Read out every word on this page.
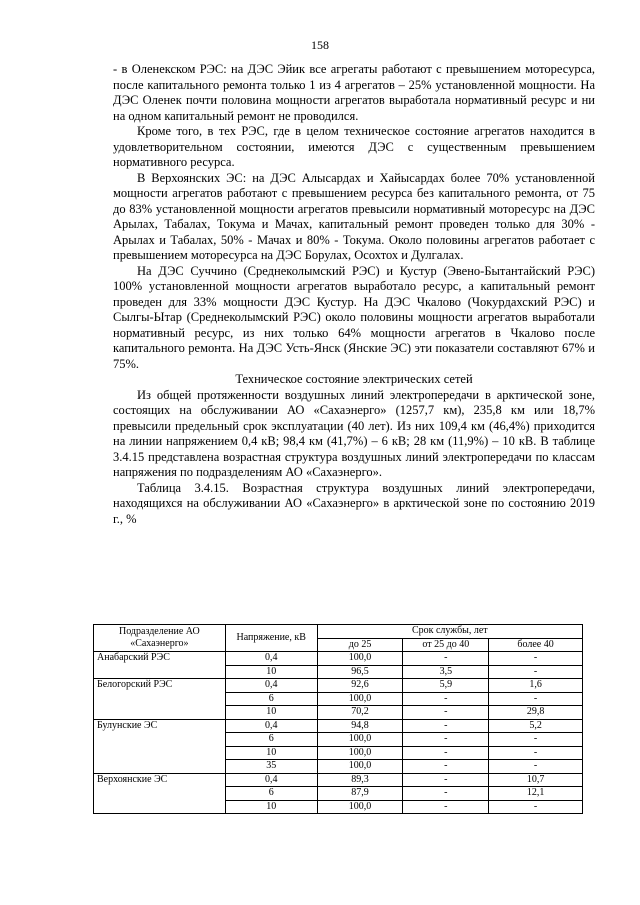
158

- в Оленекском РЭС: на ДЭС Эйик все агрегаты работают с превышением моторесурса, после капитального ремонта только 1 из 4 агрегатов – 25% установленной мощности. На ДЭС Оленек почти половина мощности агрегатов выработала нормативный ресурс и ни на одном капитальный ремонт не проводился.

Кроме того, в тех РЭС, где в целом техническое состояние агрегатов находится в удовлетворительном состоянии, имеются ДЭС с существенным превышением нормативного ресурса.

В Верхоянских ЭС: на ДЭС Алысардах и Хайысардах более 70% установленной мощности агрегатов работают с превышением ресурса без капитального ремонта, от 75 до 83% установленной мощности агрегатов превысили нормативный моторесурс на ДЭС Арылах, Табалах, Токума и Мачах, капитальный ремонт проведен только для 30% - Арылах и Табалах, 50% - Мачах и 80% - Токума. Около половины агрегатов работает с превышением моторесурса на ДЭС Борулах, Осохтох и Дулгалах.

На ДЭС Суччино (Среднеколымский РЭС) и Кустур (Эвено-Бытантайский РЭС) 100% установленной мощности агрегатов выработало ресурс, а капитальный ремонт проведен для 33% мощности ДЭС Кустур. На ДЭС Чкалово (Чокурдахский РЭС) и Сылгы-Ытар (Среднеколымский РЭС) около половины мощности агрегатов выработали нормативный ресурс, из них только 64% мощности агрегатов в Чкалово после капитального ремонта. На ДЭС Усть-Янск (Янские ЭС) эти показатели составляют 67% и 75%.

Техническое состояние электрических сетей

Из общей протяженности воздушных линий электропередачи в арктической зоне, состоящих на обслуживании АО «Сахаэнерго» (1257,7 км), 235,8 км или 18,7% превысили предельный срок эксплуатации (40 лет). Из них 109,4 км (46,4%) приходится на линии напряжением 0,4 кВ; 98,4 км (41,7%) – 6 кВ; 28 км (11,9%) – 10 кВ. В таблице 3.4.15 представлена возрастная структура воздушных линий электропередачи по классам напряжения по подразделениям АО «Сахаэнерго».

Таблица 3.4.15. Возрастная структура воздушных линий электропередачи, находящихся на обслуживании АО «Сахаэнерго» в арктической зоне по состоянию 2019 г., %

Подразделение АО «Сахаэнерго»	Напряжение, кВ	Срок службы, лет		
		до 25	от 25 до 40	более 40
Анабарский РЭС	0,4	100,0	-	-
	10	96,5	3,5	-
Белогорский РЭС	0,4	92,6	5,9	1,6
	6	100,0	-	-
	10	70,2	-	29,8
Булунские ЭС	0,4	94,8	-	5,2
	6	100,0	-	-
	10	100,0	-	-
	35	100,0	-	-
Верхоянские ЭС	0,4	89,3	-	10,7
	6	87,9	-	12,1
	10	100,0	-	-
